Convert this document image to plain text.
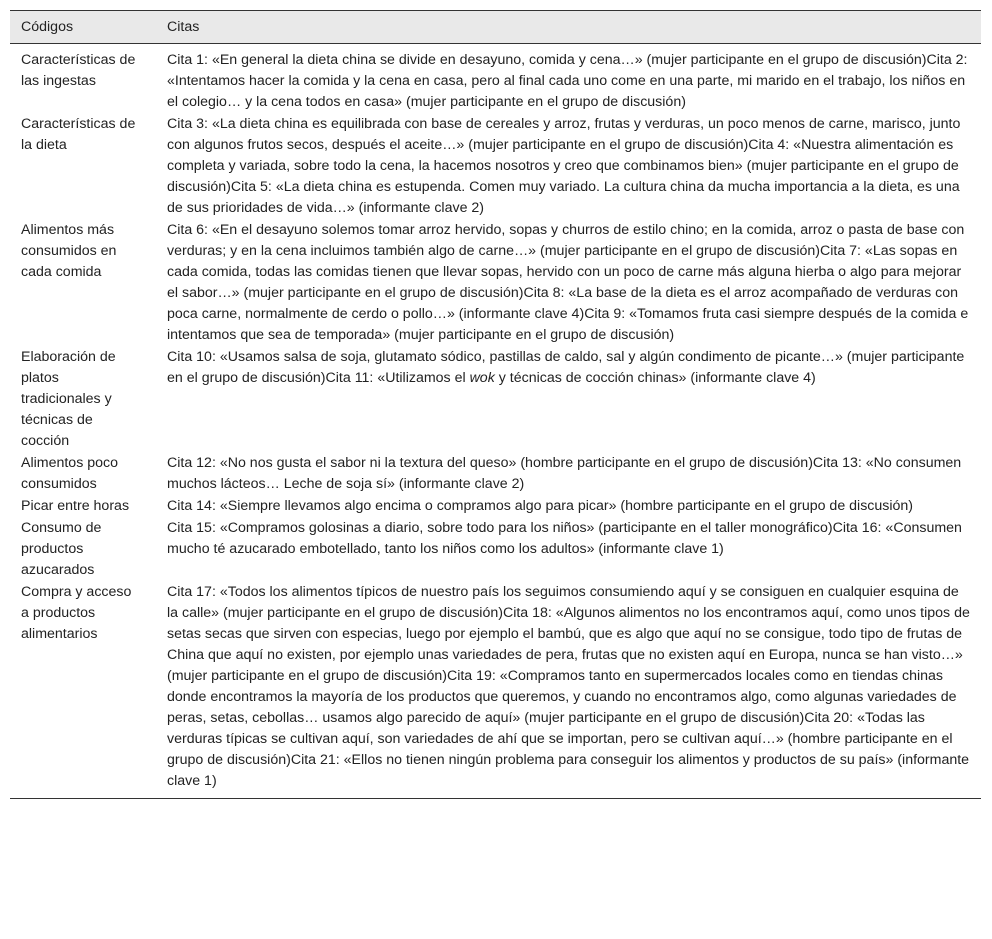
Códigos	Citas
Características de las ingestas	Cita 1: «En general la dieta china se divide en desayuno, comida y cena…» (mujer participante en el grupo de discusión)Cita 2: «Intentamos hacer la comida y la cena en casa, pero al final cada uno come en una parte, mi marido en el trabajo, los niños en el colegio… y la cena todos en casa» (mujer participante en el grupo de discusión)
Características de la dieta	Cita 3: «La dieta china es equilibrada con base de cereales y arroz, frutas y verduras, un poco menos de carne, marisco, junto con algunos frutos secos, después el aceite…» (mujer participante en el grupo de discusión)Cita 4: «Nuestra alimentación es completa y variada, sobre todo la cena, la hacemos nosotros y creo que combinamos bien» (mujer participante en el grupo de discusión)Cita 5: «La dieta china es estupenda. Comen muy variado. La cultura china da mucha importancia a la dieta, es una de sus prioridades de vida…» (informante clave 2)
Alimentos más consumidos en cada comida	Cita 6: «En el desayuno solemos tomar arroz hervido, sopas y churros de estilo chino; en la comida, arroz o pasta de base con verduras; y en la cena incluimos también algo de carne…» (mujer participante en el grupo de discusión)Cita 7: «Las sopas en cada comida, todas las comidas tienen que llevar sopas, hervido con un poco de carne más alguna hierba o algo para mejorar el sabor…» (mujer participante en el grupo de discusión)Cita 8: «La base de la dieta es el arroz acompañado de verduras con poca carne, normalmente de cerdo o pollo…» (informante clave 4)Cita 9: «Tomamos fruta casi siempre después de la comida e intentamos que sea de temporada» (mujer participante en el grupo de discusión)
Elaboración de platos tradicionales y técnicas de cocción	Cita 10: «Usamos salsa de soja, glutamato sódico, pastillas de caldo, sal y algún condimento de picante…» (mujer participante en el grupo de discusión)Cita 11: «Utilizamos el wok y técnicas de cocción chinas» (informante clave 4)
Alimentos poco consumidos	Cita 12: «No nos gusta el sabor ni la textura del queso» (hombre participante en el grupo de discusión)Cita 13: «No consumen muchos lácteos… Leche de soja sí» (informante clave 2)
Picar entre horas	Cita 14: «Siempre llevamos algo encima o compramos algo para picar» (hombre participante en el grupo de discusión)
Consumo de productos azucarados	Cita 15: «Compramos golosinas a diario, sobre todo para los niños» (participante en el taller monográfico)Cita 16: «Consumen mucho té azucarado embotellado, tanto los niños como los adultos» (informante clave 1)
Compra y acceso a productos alimentarios	Cita 17: «Todos los alimentos típicos de nuestro país los seguimos consumiendo aquí y se consiguen en cualquier esquina de la calle» (mujer participante en el grupo de discusión)Cita 18: «Algunos alimentos no los encontramos aquí, como unos tipos de setas secas que sirven con especias, luego por ejemplo el bambú, que es algo que aquí no se consigue, todo tipo de frutas de China que aquí no existen, por ejemplo unas variedades de pera, frutas que no existen aquí en Europa, nunca se han visto…» (mujer participante en el grupo de discusión)Cita 19: «Compramos tanto en supermercados locales como en tiendas chinas donde encontramos la mayoría de los productos que queremos, y cuando no encontramos algo, como algunas variedades de peras, setas, cebollas… usamos algo parecido de aquí» (mujer participante en el grupo de discusión)Cita 20: «Todas las verduras típicas se cultivan aquí, son variedades de ahí que se importan, pero se cultivan aquí…» (hombre participante en el grupo de discusión)Cita 21: «Ellos no tienen ningún problema para conseguir los alimentos y productos de su país» (informante clave 1)
